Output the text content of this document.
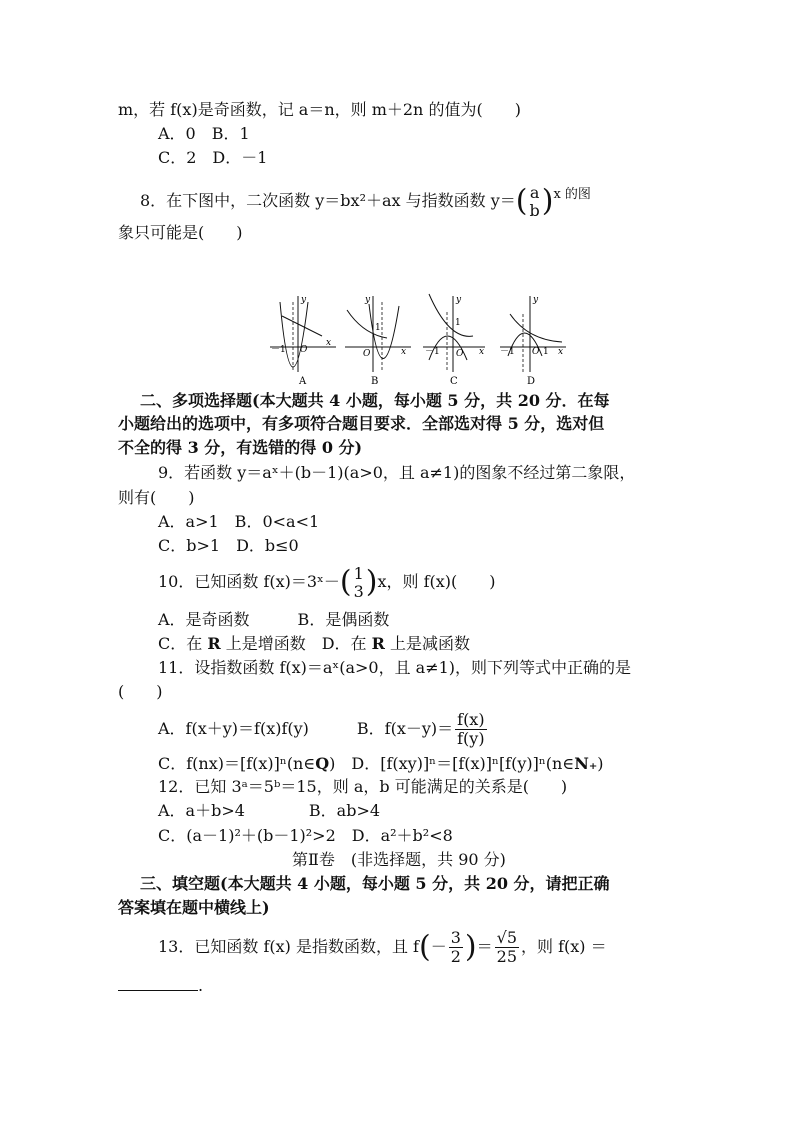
m，若 f(x)是奇函数，记 a＝n，则 m＋2n 的值为(　　)
A．0　B．1
C．2　D．－1
8．在下图中，二次函数 y＝bx²＋ax 与指数函数 y＝( a
b )$^{x 的图}$
象只可能是(　　)
－1 O
x
y
A
O
1
x
y
B
－1
1
O x
y
C
－1 O 1 x
y
D
二、多项选择题(本大题共 4 小题，每小题 5 分，共 20 分．在每
小题给出的选项中，有多项符合题目要求．全部选对得 5 分，选对但
不全的得 3 分，有选错的得 0 分)
9．若函数 y＝aˣ＋(b－1)(a>0，且 a≠1)的图象不经过第二象限，
则有(　　)
A．a>1　B．0<a<1
C．b>1　D．b≤0
10．已知函数 f(x)＝3ˣ－( 1
3 )x，则 f(x)(　　)
A．是奇函数　　　B．是偶函数
C．在 R 上是增函数　D．在 R 上是减函数
11．设指数函数 f(x)＝aˣ(a>0，且 a≠1)，则下列等式中正确的是
(　　)
A．f(x＋y)＝f(x)f(y)	B．$f(x-y)= \frac{f(x)}{f(y)}$
C．f(nx)＝[f(x)]ⁿ(n∈Q)　D．[f(xy)]ⁿ＝[f(x)]ⁿ[f(y)]ⁿ(n∈N₊)
12．已知 3ᵃ＝5ᵇ＝15，则 a，b 可能满足的关系是(　　)
A．a＋b>4　　　　B．ab>4
C．(a－1)²＋(b－1)²>2　D．a²＋b²<8
第Ⅱ卷　(非选择题，共 90 分)
三、填空题(本大题共 4 小题，每小题 5 分，共 20 分，请把正确
答案填在题中横线上)
13．已知函数 f(x) 是指数函数，且 $f(- \frac{3}{2}$ )＝ $\frac{√5}{25}$ ，则 f(x) ＝
.
